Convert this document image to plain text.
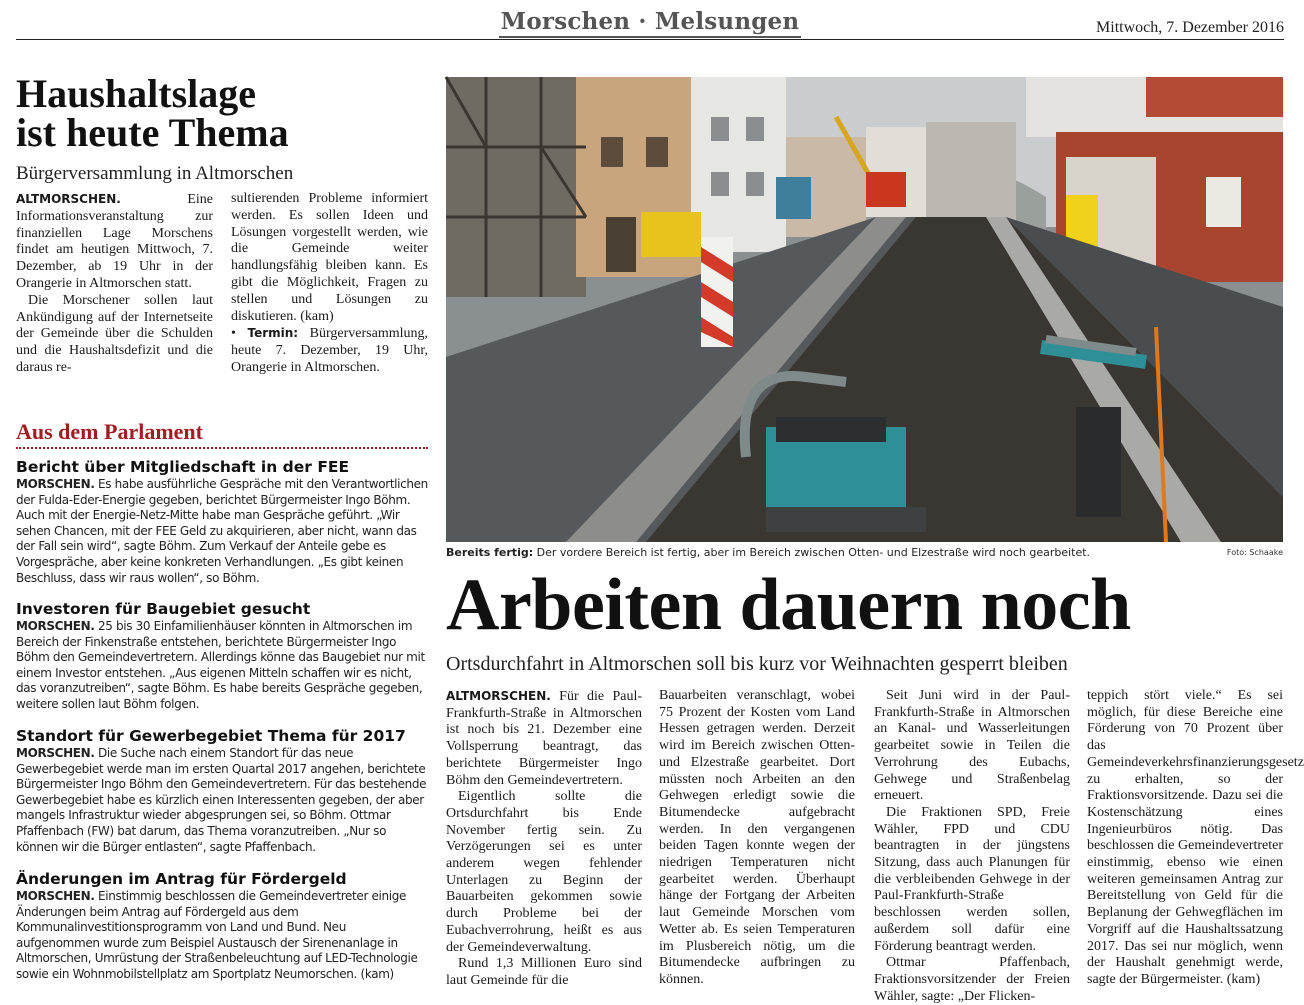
Morschen · Melsungen	Mittwoch, 7. Dezember 2016
Haushaltslage
ist heute Thema
Bürgerversammlung in Altmorschen

ALTMORSCHEN.	Eine Informationsveranstaltung zur finanziellen Lage Morschens findet am heutigen Mittwoch, 7. Dezember, ab 19 Uhr in der Orangerie in Altmorschen statt.

Die Morschener sollen laut Ankündigung auf der Internetseite der Gemeinde über die Schulden und die Haushaltsdefizit und die daraus re-

sultierenden Probleme informiert werden. Es sollen Ideen und Lösungen vorgestellt werden, wie die Gemeinde weiter handlungsfähig bleiben kann. Es gibt die Möglichkeit, Fragen zu stellen und Lösungen zu diskutieren. (kam)

• Termin: Bürgerversammlung, heute 7. Dezember, 19 Uhr, Orangerie in Altmorschen.

Aus dem Parlament
Bericht über Mitgliedschaft in der FEE

MORSCHEN. Es habe ausführliche Gespräche mit den Verantwortlichen der Fulda-Eder-Energie gegeben, berichtet Bürgermeister Ingo Böhm. Auch mit der Energie-Netz-Mitte habe man Gespräche geführt. „Wir sehen Chancen, mit der FEE Geld zu akquirieren, aber nicht, wann das der Fall sein wird“, sagte Böhm. Zum Verkauf der Anteile gebe es Vorgespräche, aber keine konkreten Verhandlungen. „Es gibt keinen Beschluss, dass wir raus wollen“, so Böhm.

Investoren für Baugebiet gesucht

MORSCHEN. 25 bis 30 Einfamilienhäuser könnten in Altmorschen im Bereich der Finkenstraße entstehen, berichtete Bürgermeister Ingo Böhm den Gemeindevertretern. Allerdings könne das Baugebiet nur mit einem Investor entstehen. „Aus eigenen Mitteln schaffen wir es nicht, das voranzutreiben“, sagte Böhm. Es habe bereits Gespräche gegeben, weitere sollen laut Böhm folgen.

Standort für Gewerbegebiet Thema für 2017

MORSCHEN. Die Suche nach einem Standort für das neue Gewerbegebiet werde man im ersten Quartal 2017 angehen, berichtete Bürgermeister Ingo Böhm den Gemeindevertretern. Für das bestehende Gewerbegebiet habe es kürzlich einen Interessenten gegeben, der aber mangels Infrastruktur wieder abgesprungen sei, so Böhm. Ottmar Pfaffenbach (FW) bat darum, das Thema voranzutreiben. „Nur so können wir die Bürger entlasten“, sagte Pfaffenbach.

Änderungen im Antrag für Fördergeld

MORSCHEN. Einstimmig beschlossen die Gemeindevertreter einige Änderungen beim Antrag auf Fördergeld aus dem Kommunalinvestitionsprogramm von Land und Bund. Neu aufgenommen wurde zum Beispiel Austausch der Sirenenanlage in Altmorschen, Umrüstung der Straßenbeleuchtung auf LED-Technologie sowie ein Wohnmobilstellplatz am Sportplatz Neumorschen. (kam)

Bereits fertig: Der vordere Bereich ist fertig, aber im Bereich zwischen Otten- und Elzestraße wird noch gearbeitet.	Foto: Schaake
Arbeiten dauern noch
Ortsdurchfahrt in Altmorschen soll bis kurz vor Weihnachten gesperrt bleiben

ALTMORSCHEN. Für die Paul-Frankfurth-Straße in Altmorschen ist noch bis 21. Dezember eine Vollsperrung beantragt, das berichtete Bürgermeister Ingo Böhm den Gemeindevertretern.

Eigentlich sollte die Ortsdurchfahrt bis Ende November fertig sein. Zu Verzögerungen sei es unter anderem wegen fehlender Unterlagen zu Beginn der Bauarbeiten gekommen sowie durch Probleme bei der Eubachverrohrung, heißt es aus der Gemeindeverwaltung.

Rund 1,3 Millionen Euro sind laut Gemeinde für die

Bauarbeiten veranschlagt, wobei 75 Prozent der Kosten vom Land Hessen getragen werden. Derzeit wird im Bereich zwischen Otten- und Elzestraße gearbeitet. Dort müssten noch Arbeiten an den Gehwegen erledigt sowie die Bitumendecke aufgebracht werden. In den vergangenen beiden Tagen konnte wegen der niedrigen Temperaturen nicht gearbeitet werden. Überhaupt hänge der Fortgang der Arbeiten laut Gemeinde Morschen vom Wetter ab. Es seien Temperaturen im Plusbereich nötig, um die Bitumendecke aufbringen zu können.

Seit Juni wird in der Paul-Frankfurth-Straße in Altmorschen an Kanal- und Wasserleitungen gearbeitet sowie in Teilen die Verrohrung des Eubachs, Gehwege und Straßenbelag erneuert.

Die Fraktionen SPD, Freie Wähler, FPD und CDU beantragten in der jüngstens Sitzung, dass auch Planungen für die verbleibenden Gehwege in der Paul-Frankfurth-Straße beschlossen werden sollen, außerdem soll dafür eine Förderung beantragt werden.

Ottmar Pfaffenbach, Fraktionsvorsitzender der Freien Wähler, sagte: „Der Flicken-

teppich stört viele.“ Es sei möglich, für diese Bereiche eine Förderung von 70 Prozent über das Gemeindeverkehrsfinanzierungsgesetz zu erhalten, so der Fraktionsvorsitzende. Dazu sei die Kostenschätzung eines Ingenieurbüros nötig. Das beschlossen die Gemeindevertreter einstimmig, ebenso wie einen weiteren gemeinsamen Antrag zur Bereitstellung von Geld für die Beplanung der Gehwegflächen im Vorgriff auf die Haushaltssatzung 2017. Das sei nur möglich, wenn der Haushalt genehmigt werde, sagte der Bürgermeister. (kam)
